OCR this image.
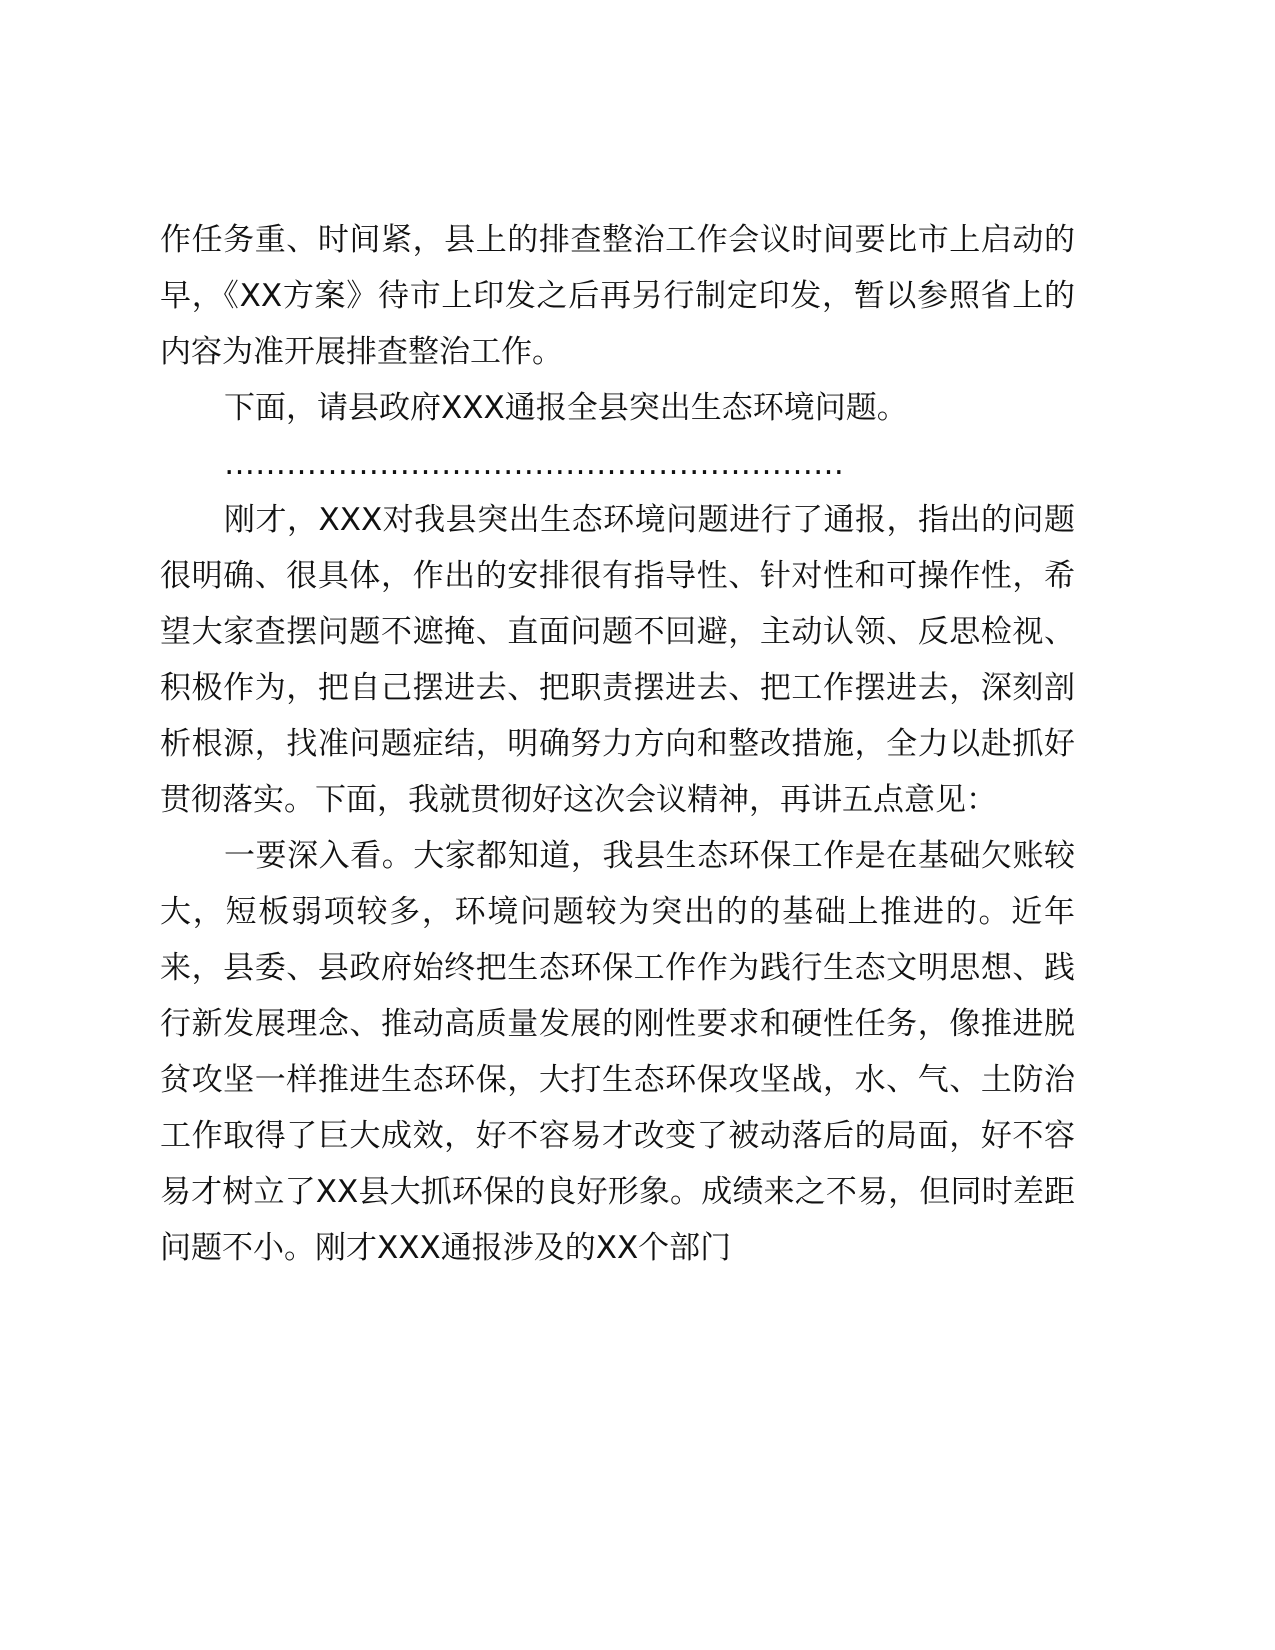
作任务重、时间紧，县上的排查整治工作会议时间要比市上启动的早，《XX方案》待市上印发之后再另行制定印发，暂以参照省上的内容为准开展排查整治工作。

下面，请县政府XXX通报全县突出生态环境问题。

……………………………………………………

刚才，XXX对我县突出生态环境问题进行了通报，指出的问题很明确、很具体，作出的安排很有指导性、针对性和可操作性，希望大家查摆问题不遮掩、直面问题不回避，主动认领、反思检视、积极作为，把自己摆进去、把职责摆进去、把工作摆进去，深刻剖析根源，找准问题症结，明确努力方向和整改措施，全力以赴抓好贯彻落实。下面，我就贯彻好这次会议精神，再讲五点意见：

一要深入看。大家都知道，我县生态环保工作是在基础欠账较大，短板弱项较多，环境问题较为突出的的基础上推进的。近年来，县委、县政府始终把生态环保工作作为践行生态文明思想、践行新发展理念、推动高质量发展的刚性要求和硬性任务，像推进脱贫攻坚一样推进生态环保，大打生态环保攻坚战，水、气、土防治工作取得了巨大成效，好不容易才改变了被动落后的局面，好不容易才树立了XX县大抓环保的良好形象。成绩来之不易，但同时差距问题不小。刚才XXX通报涉及的XX个部门
